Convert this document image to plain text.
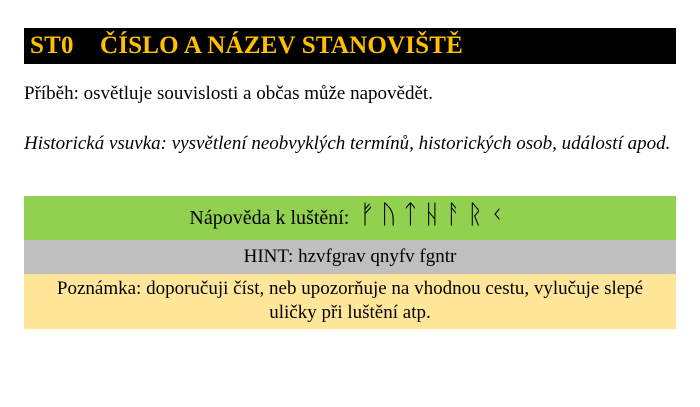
ST0	ČÍSLO A NÁZEV STANOVIŠTĚ
Příběh: osvětluje souvislosti a občas může napovědět.
Historická vsuvka: vysvětlení neobvyklých termínů, historických osob, událostí apod.
Nápověda k luštění: ᚠᚢᛏᚺᚨᚱᚲ
HINT: hzvfgrav qnyfv fgntr
Poznámka: doporučuji číst, neb upozorňuje na vhodnou cestu, vylučuje slepé uličky při luštění atp.
